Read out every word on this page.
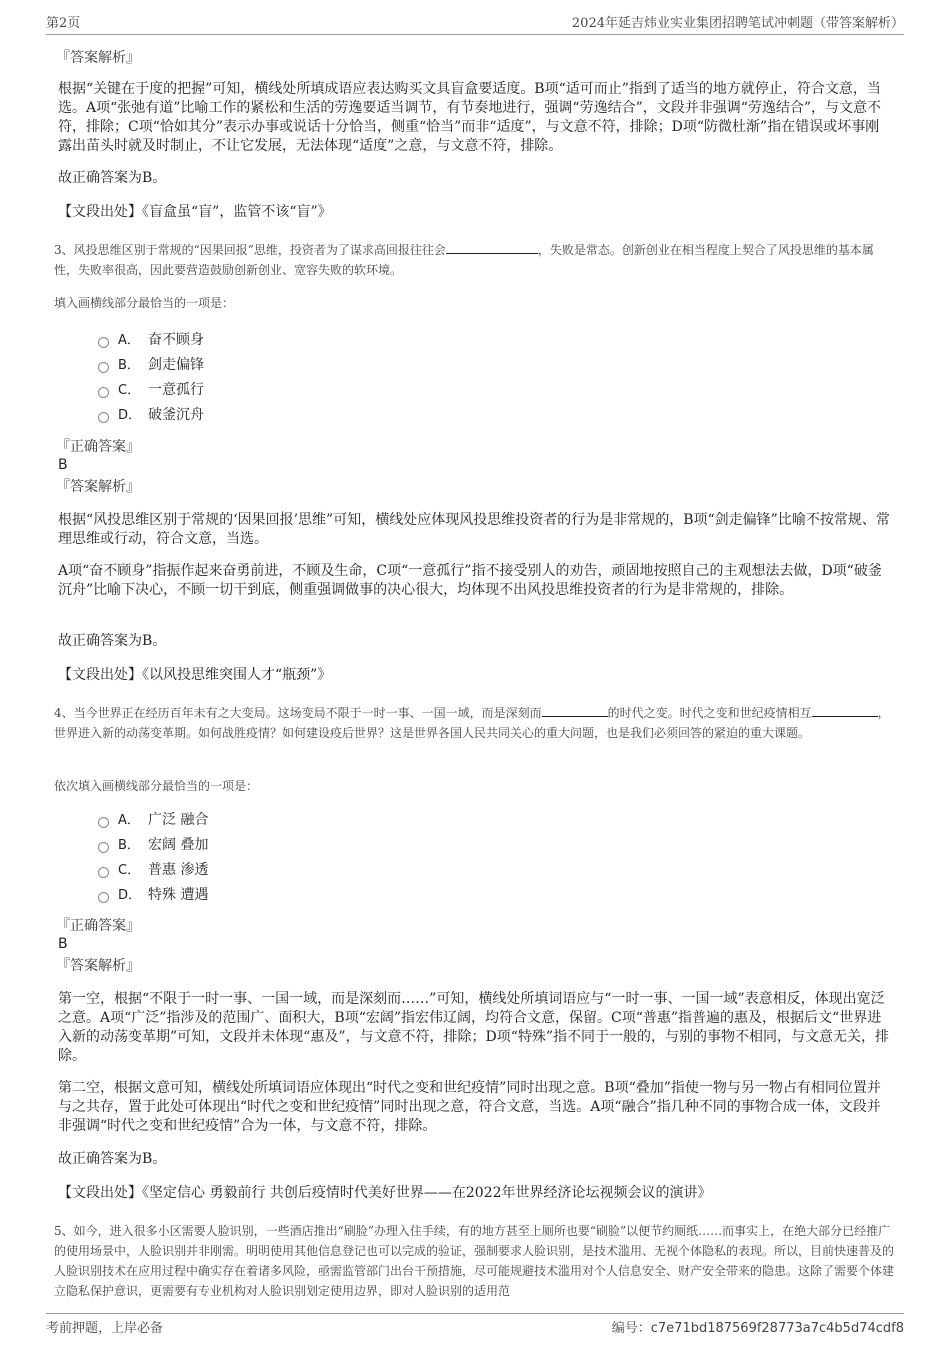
第2页	2024年延吉炜业实业集团招聘笔试冲刺题（带答案解析）
『答案解析』

根据“关键在于度的把握”可知，横线处所填成语应表达购买文具盲盒要适度。B项“适可而止”指到了适当的地方就停止，符合文意，当选。A项“张弛有道”比喻工作的紧松和生活的劳逸要适当调节，有节奏地进行，强调“劳逸结合”，文段并非强调“劳逸结合”，与文意不符，排除；C项“恰如其分”表示办事或说话十分恰当，侧重“恰当”而非“适度”，与文意不符，排除；D项“防微杜渐”指在错误或坏事刚露出苗头时就及时制止，不让它发展，无法体现“适度”之意，与文意不符，排除。

故正确答案为B。

【文段出处】《盲盒虽“盲”，监管不该“盲”》

3、风投思维区别于常规的“因果回报”思维，投资者为了谋求高回报往往会	，失败是常态。创新创业在相当程度上契合了风投思维的基本属性，失败率很高，因此要营造鼓励创新创业、宽容失败的软环境。

填入画横线部分最恰当的一项是：

A． 奋不顾身
B． 剑走偏锋
C． 一意孤行
D． 破釜沉舟
『正确答案』
B
『答案解析』

根据“风投思维区别于常规的‘因果回报’思维”可知，横线处应体现风投思维投资者的行为是非常规的，B项“剑走偏锋”比喻不按常规、常理思维或行动，符合文意，当选。

A项“奋不顾身”指振作起来奋勇前进，不顾及生命，C项“一意孤行”指不接受别人的劝告，顽固地按照自己的主观想法去做，D项“破釜沉舟”比喻下决心，不顾一切干到底，侧重强调做事的决心很大，均体现不出风投思维投资者的行为是非常规的，排除。

故正确答案为B。

【文段出处】《以风投思维突围人才“瓶颈”》

4、当今世界正在经历百年未有之大变局。这场变局不限于一时一事、一国一域，而是深刻而	的时代之变。时代之变和世纪疫情相互	，世界进入新的动荡变革期。如何战胜疫情？如何建设疫后世界？这是世界各国人民共同关心的重大问题，也是我们必须回答的紧迫的重大课题。

依次填入画横线部分最恰当的一项是：

A． 广泛 融合
B． 宏阔 叠加
C． 普惠 渗透
D． 特殊 遭遇
『正确答案』
B
『答案解析』

第一空，根据“不限于一时一事、一国一域，而是深刻而……”可知，横线处所填词语应与“一时一事、一国一域”表意相反，体现出宽泛之意。A项“广泛”指涉及的范围广、面积大，B项“宏阔”指宏伟辽阔，均符合文意，保留。C项“普惠”指普遍的惠及，根据后文“世界进入新的动荡变革期”可知，文段并未体现“惠及”，与文意不符，排除；D项“特殊”指不同于一般的，与别的事物不相同，与文意无关，排除。

第二空，根据文意可知，横线处所填词语应体现出“时代之变和世纪疫情”同时出现之意。B项“叠加”指使一物与另一物占有相同位置并与之共存，置于此处可体现出“时代之变和世纪疫情”同时出现之意，符合文意，当选。A项“融合”指几种不同的事物合成一体，文段并非强调“时代之变和世纪疫情”合为一体，与文意不符，排除。

故正确答案为B。

【文段出处】《坚定信心 勇毅前行 共创后疫情时代美好世界——在2022年世界经济论坛视频会议的演讲》

5、如今，进入很多小区需要人脸识别，一些酒店推出“刷脸”办理入住手续，有的地方甚至上厕所也要“刷脸”以便节约厕纸……而事实上，在绝大部分已经推广的使用场景中，人脸识别并非刚需。明明使用其他信息登记也可以完成的验证，强制要求人脸识别，是技术滥用、无视个体隐私的表现。所以，目前快速普及的人脸识别技术在应用过程中确实存在着诸多风险，亟需监管部门出台干预措施，尽可能规避技术滥用对个人信息安全、财产安全带来的隐患。这除了需要个体建立隐私保护意识，更需要有专业机构对人脸识别划定使用边界，即对人脸识别的适用范

考前押题，上岸必备	编号：c7e71bd187569f28773a7c4b5d74cdf8
